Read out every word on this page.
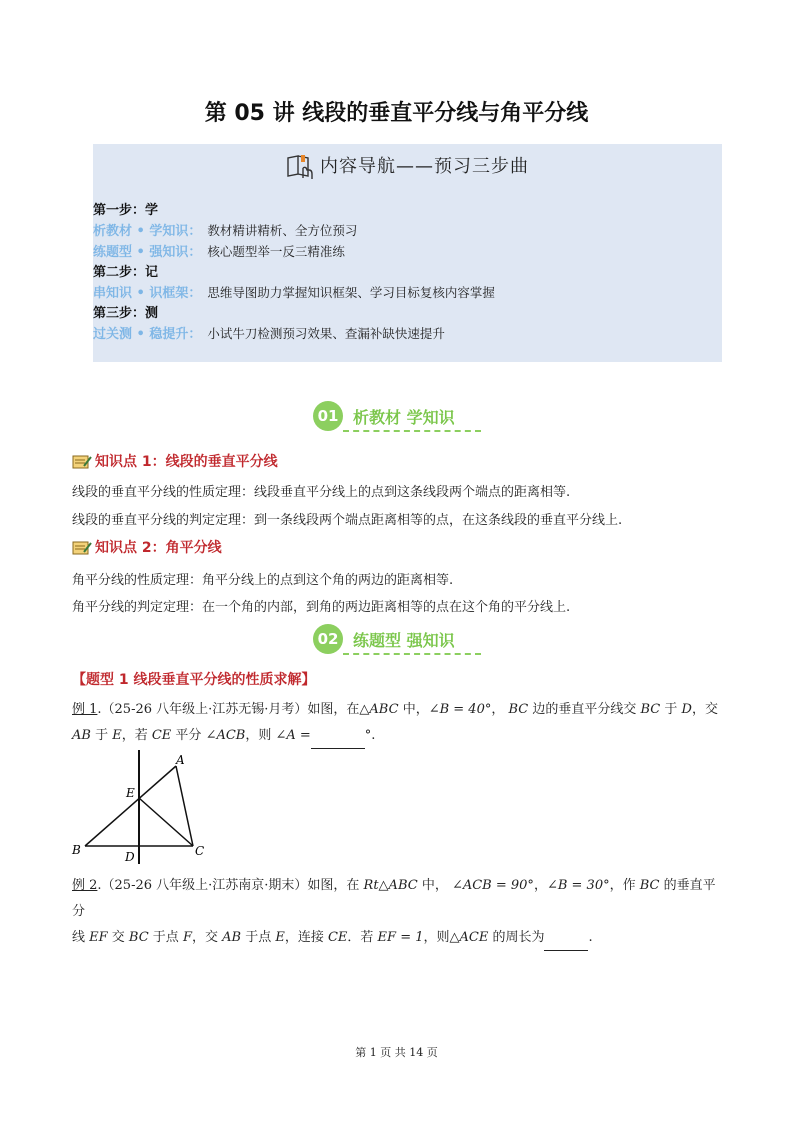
第 05 讲 线段的垂直平分线与角平分线
内容导航——预习三步曲
第一步：学
析教材 • 学知识： 教材精讲精析、全方位预习
练题型 • 强知识： 核心题型举一反三精准练
第二步：记
串知识 • 识框架： 思维导图助力掌握知识框架、学习目标复核内容掌握
第三步：测
过关测 • 稳提升： 小试牛刀检测预习效果、查漏补缺快速提升
01 析教材 学知识
知识点 1：线段的垂直平分线
线段的垂直平分线的性质定理：线段垂直平分线上的点到这条线段两个端点的距离相等.
线段的垂直平分线的判定定理：到一条线段两个端点距离相等的点，在这条线段的垂直平分线上.
知识点 2：角平分线
角平分线的性质定理：角平分线上的点到这个角的两边的距离相等.
角平分线的判定定理：在一个角的内部，到角的两边距离相等的点在这个角的平分线上.
02 练题型 强知识
【题型 1 线段垂直平分线的性质求解】
例 1.（25-26 八年级上·江苏无锡·月考）如图，在△ABC 中，∠B = 40°， BC 边的垂直平分线交 BC 于 D，交
AB 于 E，若 CE 平分 ∠ACB，则 ∠A =	°.
A
B	C
D
E
例 2.（25-26 八年级上·江苏南京·期末）如图，在 Rt△ABC 中， ∠ACB = 90°，∠B = 30°，作 BC 的垂直平分
线 EF 交 BC 于点 F，交 AB 于点 E，连接 CE．若 EF = 1，则△ACE 的周长为	.
第 1 页 共 14 页
